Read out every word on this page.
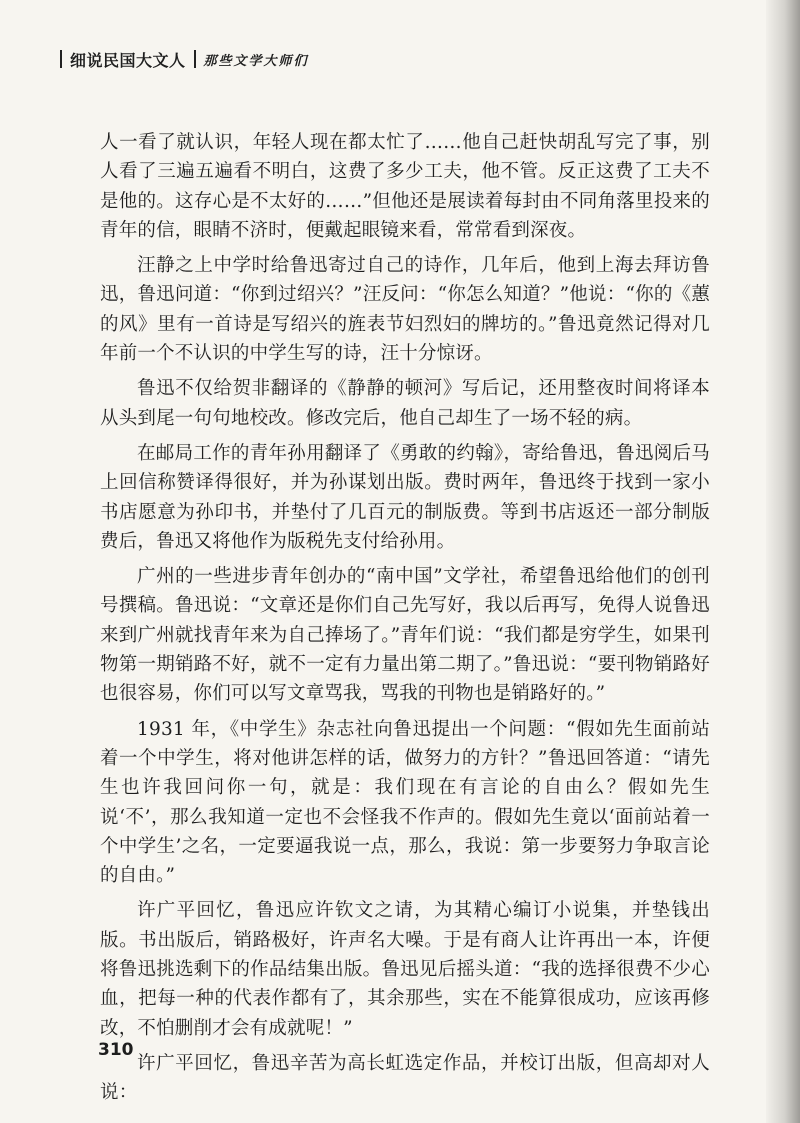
细说民国大文人 那些文学大师们

人一看了就认识，年轻人现在都太忙了……他自己赶快胡乱写完了事，别人看了三遍五遍看不明白，这费了多少工夫，他不管。反正这费了工夫不是他的。这存心是不太好的……”但他还是展读着每封由不同角落里投来的青年的信，眼睛不济时，便戴起眼镜来看，常常看到深夜。

汪静之上中学时给鲁迅寄过自己的诗作，几年后，他到上海去拜访鲁迅，鲁迅问道：“你到过绍兴？”汪反问：“你怎么知道？”他说：“你的《蕙的风》里有一首诗是写绍兴的旌表节妇烈妇的牌坊的。”鲁迅竟然记得对几年前一个不认识的中学生写的诗，汪十分惊讶。

鲁迅不仅给贺非翻译的《静静的顿河》写后记，还用整夜时间将译本从头到尾一句句地校改。修改完后，他自己却生了一场不轻的病。

在邮局工作的青年孙用翻译了《勇敢的约翰》，寄给鲁迅，鲁迅阅后马上回信称赞译得很好，并为孙谋划出版。费时两年，鲁迅终于找到一家小书店愿意为孙印书，并垫付了几百元的制版费。等到书店返还一部分制版费后，鲁迅又将他作为版税先支付给孙用。

广州的一些进步青年创办的“南中国”文学社，希望鲁迅给他们的创刊号撰稿。鲁迅说：“文章还是你们自己先写好，我以后再写，免得人说鲁迅来到广州就找青年来为自己捧场了。”青年们说：“我们都是穷学生，如果刊物第一期销路不好，就不一定有力量出第二期了。”鲁迅说：“要刊物销路好也很容易，你们可以写文章骂我，骂我的刊物也是销路好的。”

1931 年，《中学生》杂志社向鲁迅提出一个问题：“假如先生面前站着一个中学生，将对他讲怎样的话，做努力的方针？”鲁迅回答道：“请先生也许我回问你一句，就是：我们现在有言论的自由么？假如先生说‘不’，那么我知道一定也不会怪我不作声的。假如先生竟以‘面前站着一个中学生’之名，一定要逼我说一点，那么，我说：第一步要努力争取言论的自由。”

许广平回忆，鲁迅应许钦文之请，为其精心编订小说集，并垫钱出版。书出版后，销路极好，许声名大噪。于是有商人让许再出一本，许便将鲁迅挑选剩下的作品结集出版。鲁迅见后摇头道：“我的选择很费不少心血，把每一种的代表作都有了，其余那些，实在不能算很成功，应该再修改，不怕删削才会有成就呢！”

许广平回忆，鲁迅辛苦为高长虹选定作品，并校订出版，但高却对人说：

310
